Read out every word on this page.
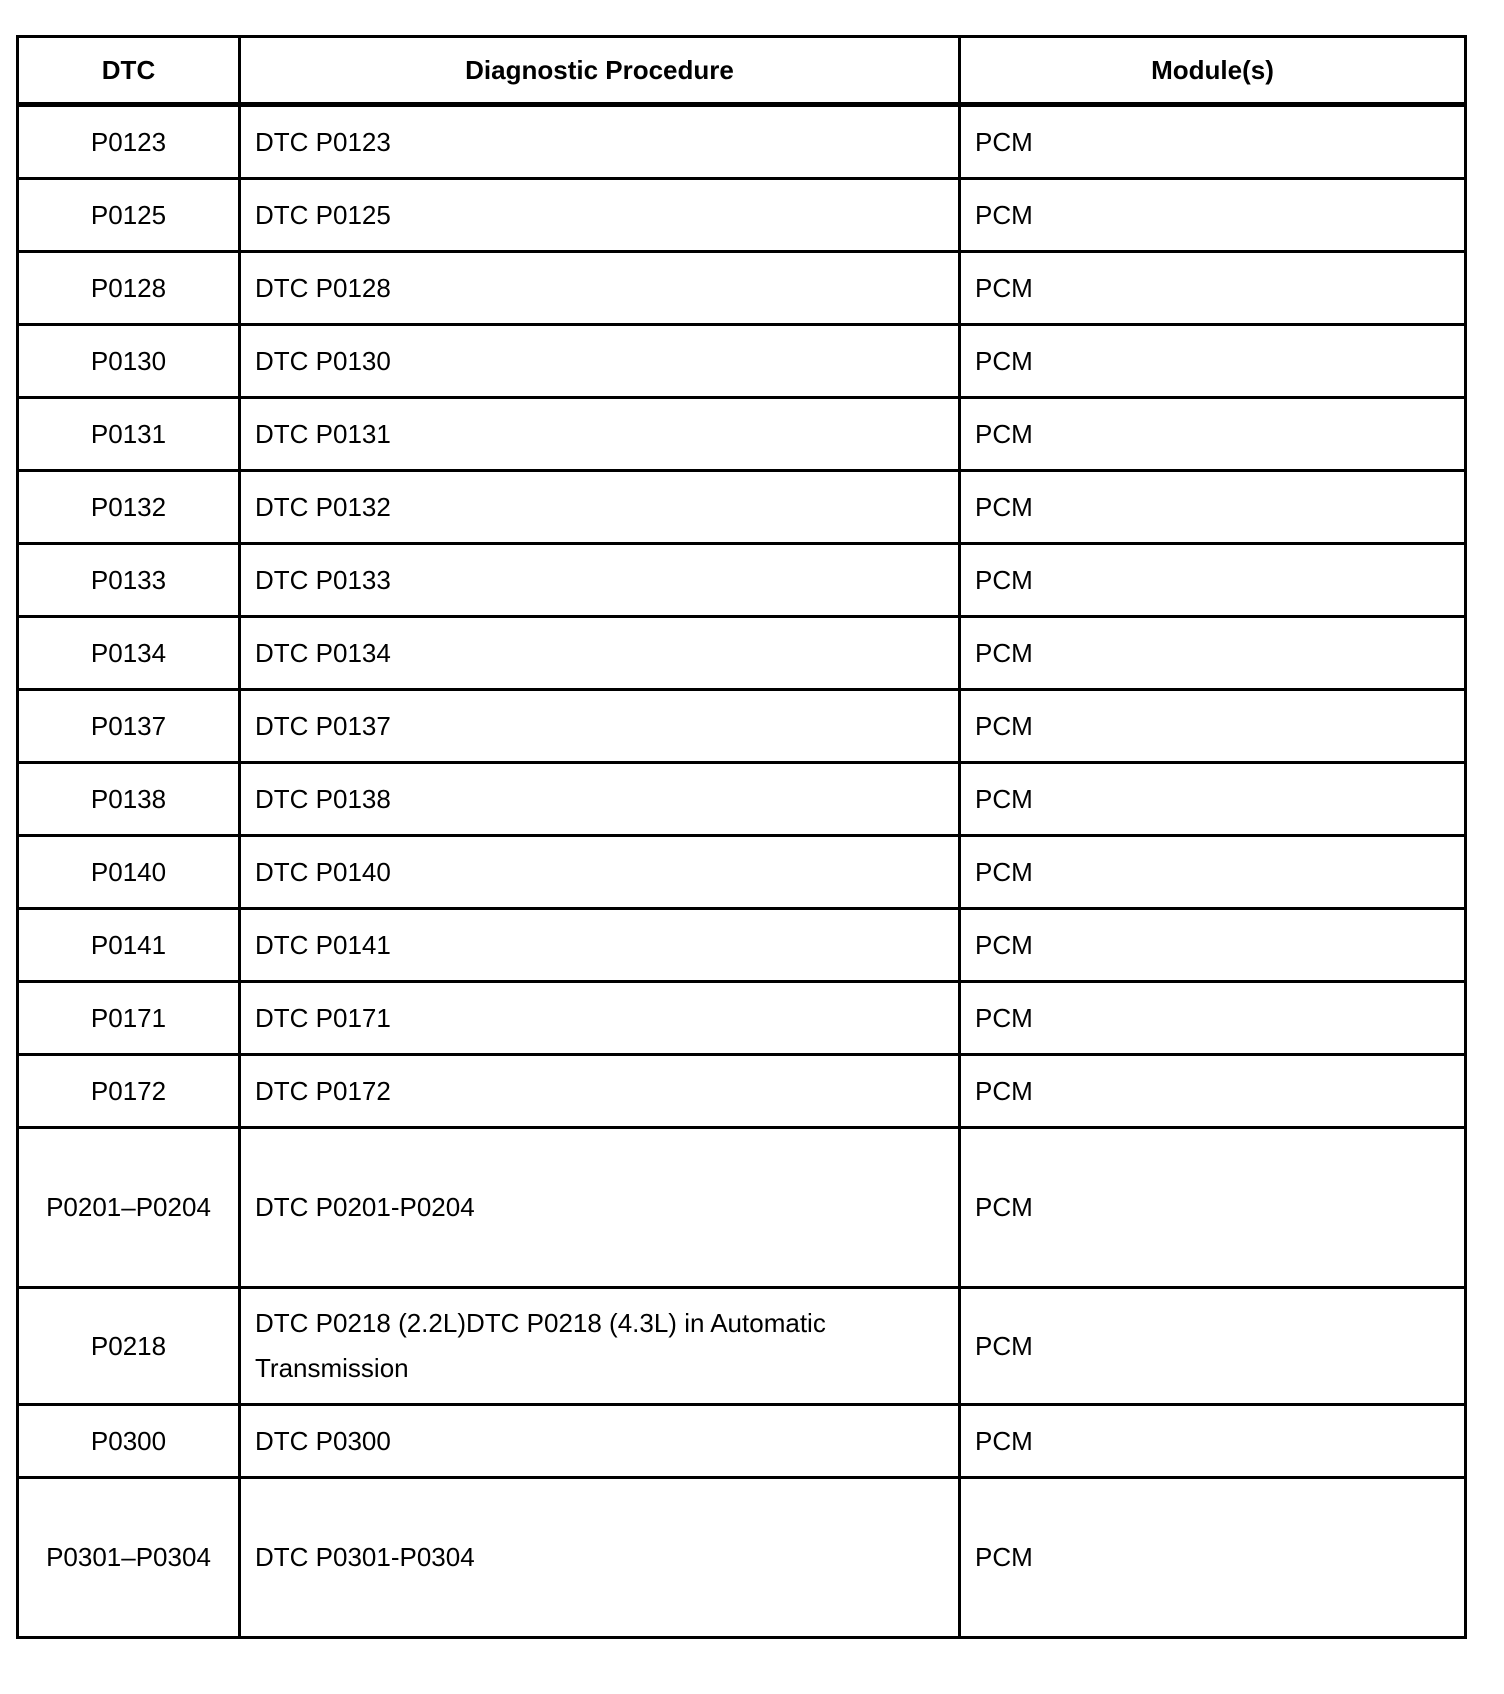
DTC	Diagnostic Procedure	Module(s)
P0123	DTC P0123	PCM
P0125	DTC P0125	PCM
P0128	DTC P0128	PCM
P0130	DTC P0130	PCM
P0131	DTC P0131	PCM
P0132	DTC P0132	PCM
P0133	DTC P0133	PCM
P0134	DTC P0134	PCM
P0137	DTC P0137	PCM
P0138	DTC P0138	PCM
P0140	DTC P0140	PCM
P0141	DTC P0141	PCM
P0171	DTC P0171	PCM
P0172	DTC P0172	PCM
P0201–P0204	DTC P0201-P0204	PCM
P0218	DTC P0218 (2.2L)DTC P0218 (4.3L) in Automatic Transmission	PCM
P0300	DTC P0300	PCM
P0301–P0304	DTC P0301-P0304	PCM
